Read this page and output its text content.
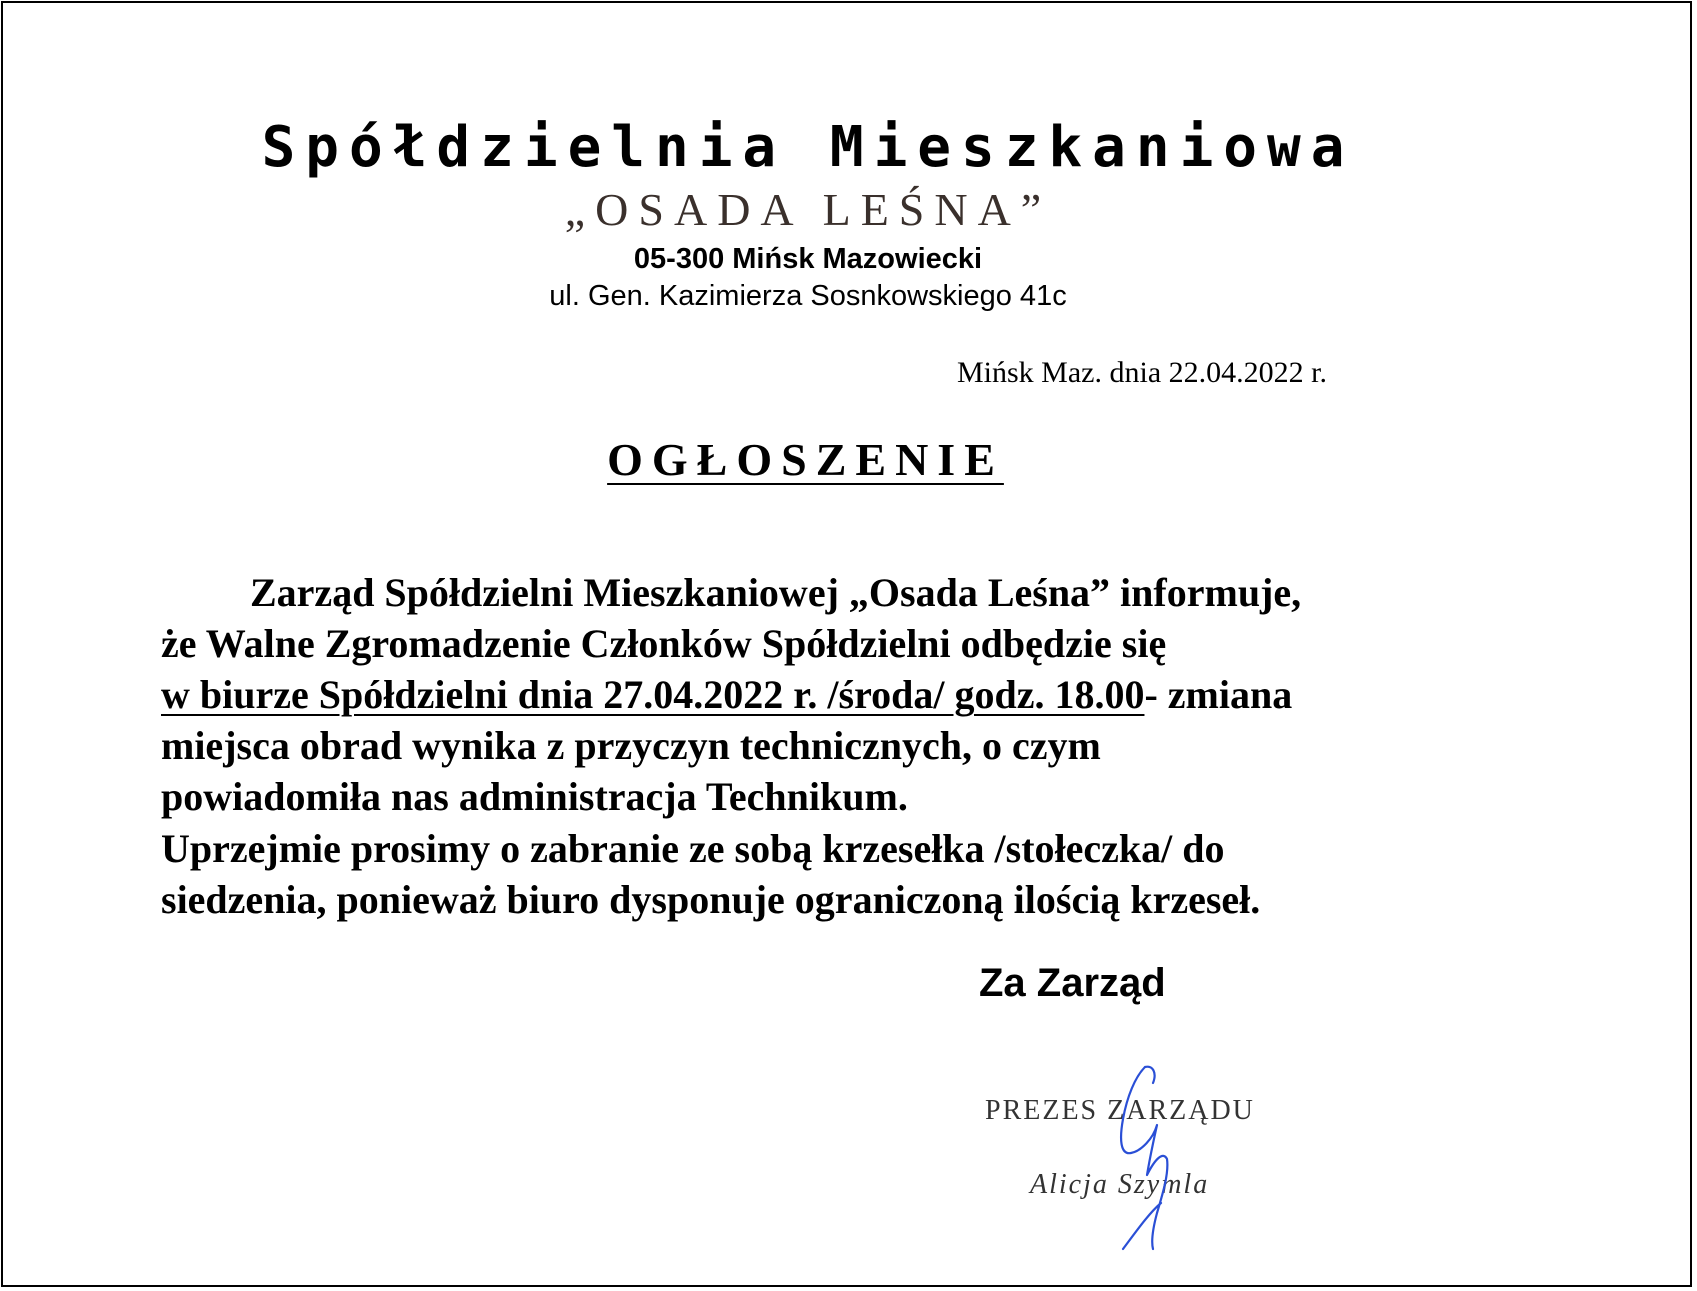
Spółdzielnia Mieszkaniowa
„OSADA LEŚNA”
05-300 Mińsk Mazowiecki
ul. Gen. Kazimierza Sosnkowskiego 41c
Mińsk Maz. dnia 22.04.2022 r.
OGŁOSZENIE
Zarząd Spółdzielni Mieszkaniowej „Osada Leśna” informuje,
że Walne Zgromadzenie Członków Spółdzielni odbędzie się
w biurze Spółdzielni dnia 27.04.2022 r. /środa/ godz. 18.00- zmiana
miejsca obrad wynika z przyczyn technicznych, o czym
powiadomiła nas administracja Technikum.
Uprzejmie prosimy o zabranie ze sobą krzesełka /stołeczka/ do
siedzenia, ponieważ biuro dysponuje ograniczoną ilością krzeseł.
Za Zarząd
PREZES ZARZĄDU
Alicja Szymla
